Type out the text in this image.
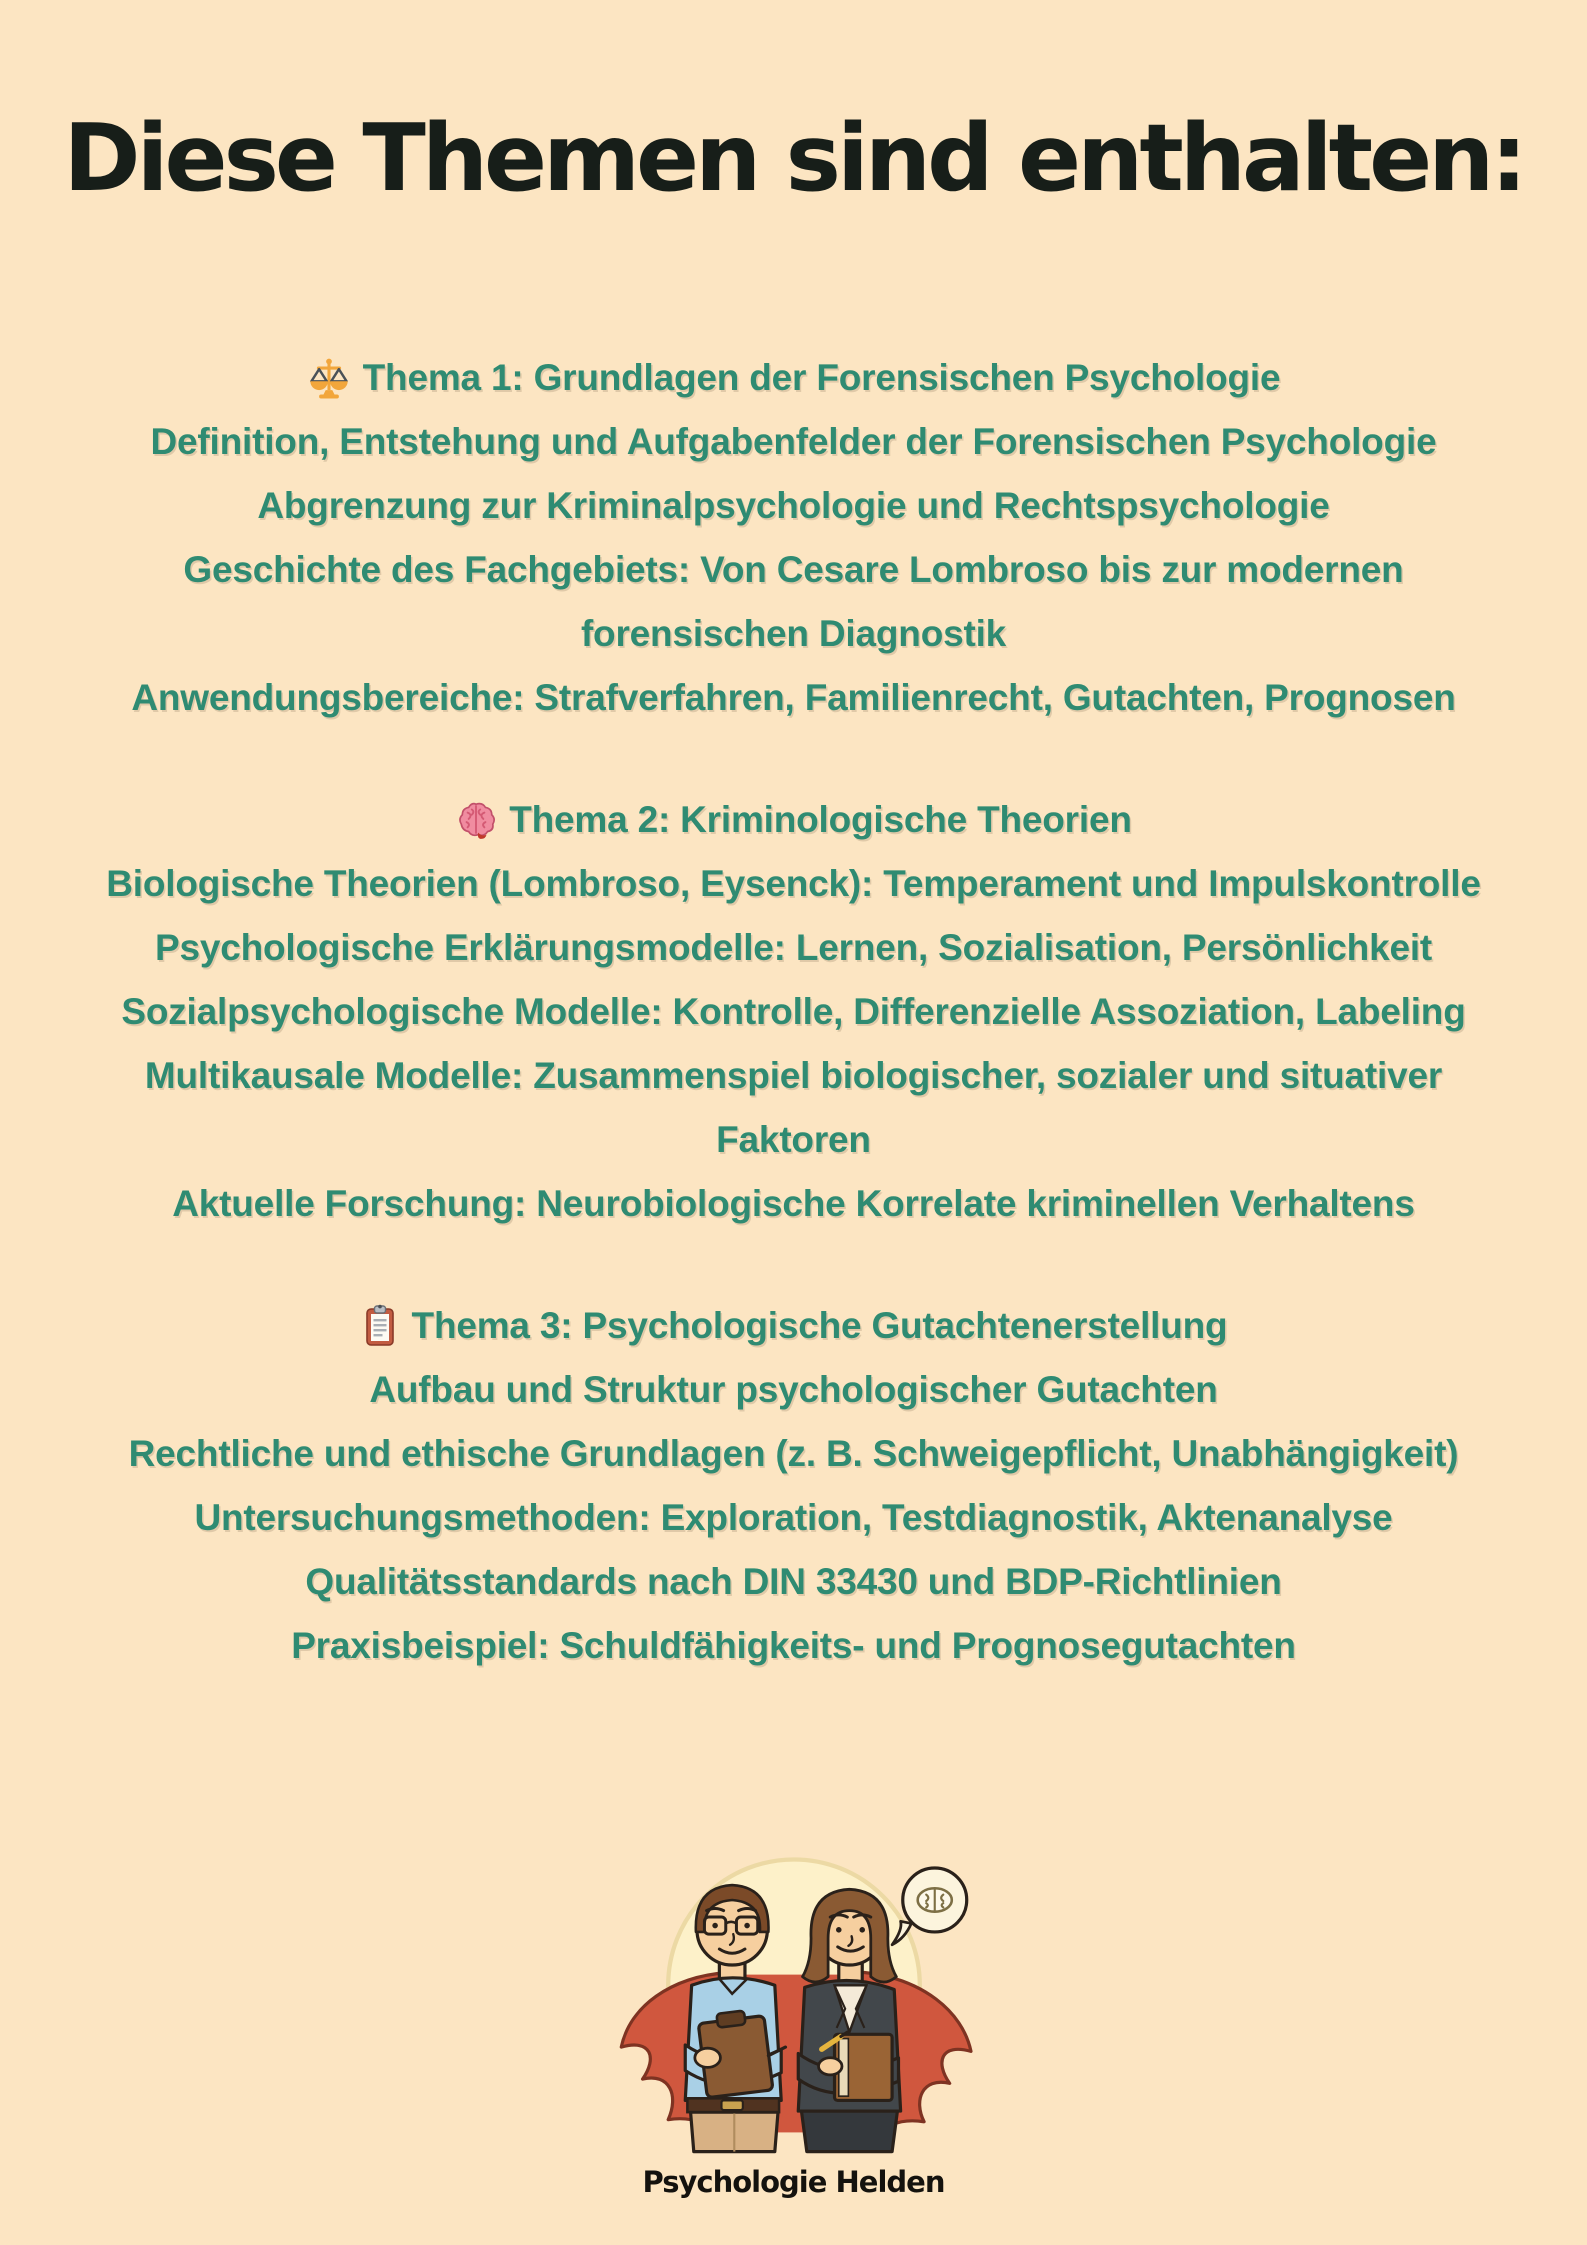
Diese Themen sind enthalten:
Thema 1: Grundlagen der Forensischen Psychologie
Definition, Entstehung und Aufgabenfelder der Forensischen Psychologie
Abgrenzung zur Kriminalpsychologie und Rechtspsychologie
Geschichte des Fachgebiets: Von Cesare Lombroso bis zur modernen
forensischen Diagnostik
Anwendungsbereiche: Strafverfahren, Familienrecht, Gutachten, Prognosen
Thema 2: Kriminologische Theorien
Biologische Theorien (Lombroso, Eysenck): Temperament und Impulskontrolle
Psychologische Erklärungsmodelle: Lernen, Sozialisation, Persönlichkeit
Sozialpsychologische Modelle: Kontrolle, Differenzielle Assoziation, Labeling
Multikausale Modelle: Zusammenspiel biologischer, sozialer und situativer
Faktoren
Aktuelle Forschung: Neurobiologische Korrelate kriminellen Verhaltens
Thema 3: Psychologische Gutachtenerstellung
Aufbau und Struktur psychologischer Gutachten
Rechtliche und ethische Grundlagen (z. B. Schweigepflicht, Unabhängigkeit)
Untersuchungsmethoden: Exploration, Testdiagnostik, Aktenanalyse
Qualitätsstandards nach DIN 33430 und BDP-Richtlinien
Praxisbeispiel: Schuldfähigkeits- und Prognosegutachten
Psychologie Helden
